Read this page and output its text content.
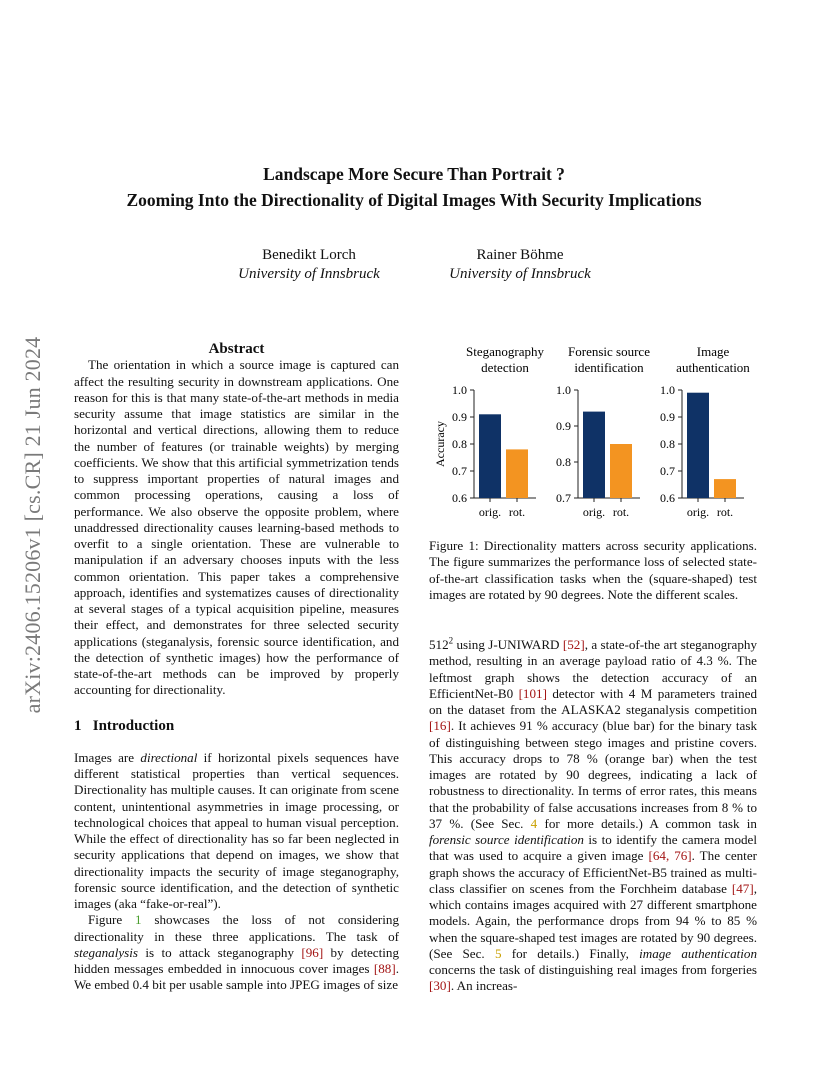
arXiv:2406.15206v1 [cs.CR] 21 Jun 2024
Landscape More Secure Than Portrait ?
Zooming Into the Directionality of Digital Images With Security Implications
Benedikt Lorch
University of Innsbruck
Rainer Böhme
University of Innsbruck
Abstract

The orientation in which a source image is captured can affect the resulting security in downstream applications. One reason for this is that many state-of-the-art methods in media security assume that image statistics are similar in the horizontal and vertical directions, allowing them to reduce the number of features (or trainable weights) by merging coefficients. We show that this artificial symmetrization tends to suppress important properties of natural images and common processing operations, causing a loss of performance. We also observe the opposite problem, where unaddressed directionality causes learning-based methods to overfit to a single orientation. These are vulnerable to manipulation if an adversary chooses inputs with the less common orientation. This paper takes a comprehensive approach, identifies and systematizes causes of directionality at several stages of a typical acquisition pipeline, measures their effect, and demonstrates for three selected security applications (steganalysis, forensic source identification, and the detection of synthetic images) how the performance of state-of-the-art methods can be improved by properly accounting for directionality.

1 Introduction

Images are directional if horizontal pixels sequences have different statistical properties than vertical sequences. Directionality has multiple causes. It can originate from scene content, unintentional asymmetries in image processing, or technological choices that appeal to human visual perception. While the effect of directionality has so far been neglected in security applications that depend on images, we show that directionality impacts the security of image steganography, forensic source identification, and the detection of synthetic images (aka “fake-or-real”).

Figure 1 showcases the loss of not considering directionality in these three applications. The task of steganalysis is to attack steganography [96] by detecting hidden messages embedded in innocuous cover images [88]. We embed 0.4 bit per usable sample into JPEG images of size

Steganography
detection
0.6
0.7
0.8
0.9
1.0
orig. rot.
Accuracy
Forensic source
identification
0.7
0.8
0.9
1.0
orig. rot.
Image
authentication
0.6
0.7
0.8
0.9
1.0
orig. rot.
Figure 1: Directionality matters across security applications. The figure summarizes the performance loss of selected state-of-the-art classification tasks when the (square-shaped) test images are rotated by 90 degrees. Note the different scales.

$512^2$ using J-UNIWARD [52], a state-of-the art steganography method, resulting in an average payload ratio of 4.3 %. The leftmost graph shows the detection accuracy of an EfficientNet-B0 [101] detector with 4 M parameters trained on the dataset from the ALASKA2 steganalysis competition [16]. It achieves 91 % accuracy (blue bar) for the binary task of distinguishing between stego images and pristine covers. This accuracy drops to 78 % (orange bar) when the test images are rotated by 90 degrees, indicating a lack of robustness to directionality. In terms of error rates, this means that the probability of false accusations increases from 8 % to 37 %. (See Sec. 4 for more details.) A common task in forensic source identification is to identify the camera model that was used to acquire a given image [64, 76]. The center graph shows the accuracy of EfficientNet-B5 trained as multi-class classifier on scenes from the Forchheim database [47], which contains images acquired with 27 different smartphone models. Again, the performance drops from 94 % to 85 % when the square-shaped test images are rotated by 90 degrees. (See Sec. 5 for details.) Finally, image authentication concerns the task of distinguishing real images from forgeries [30]. An increas-
